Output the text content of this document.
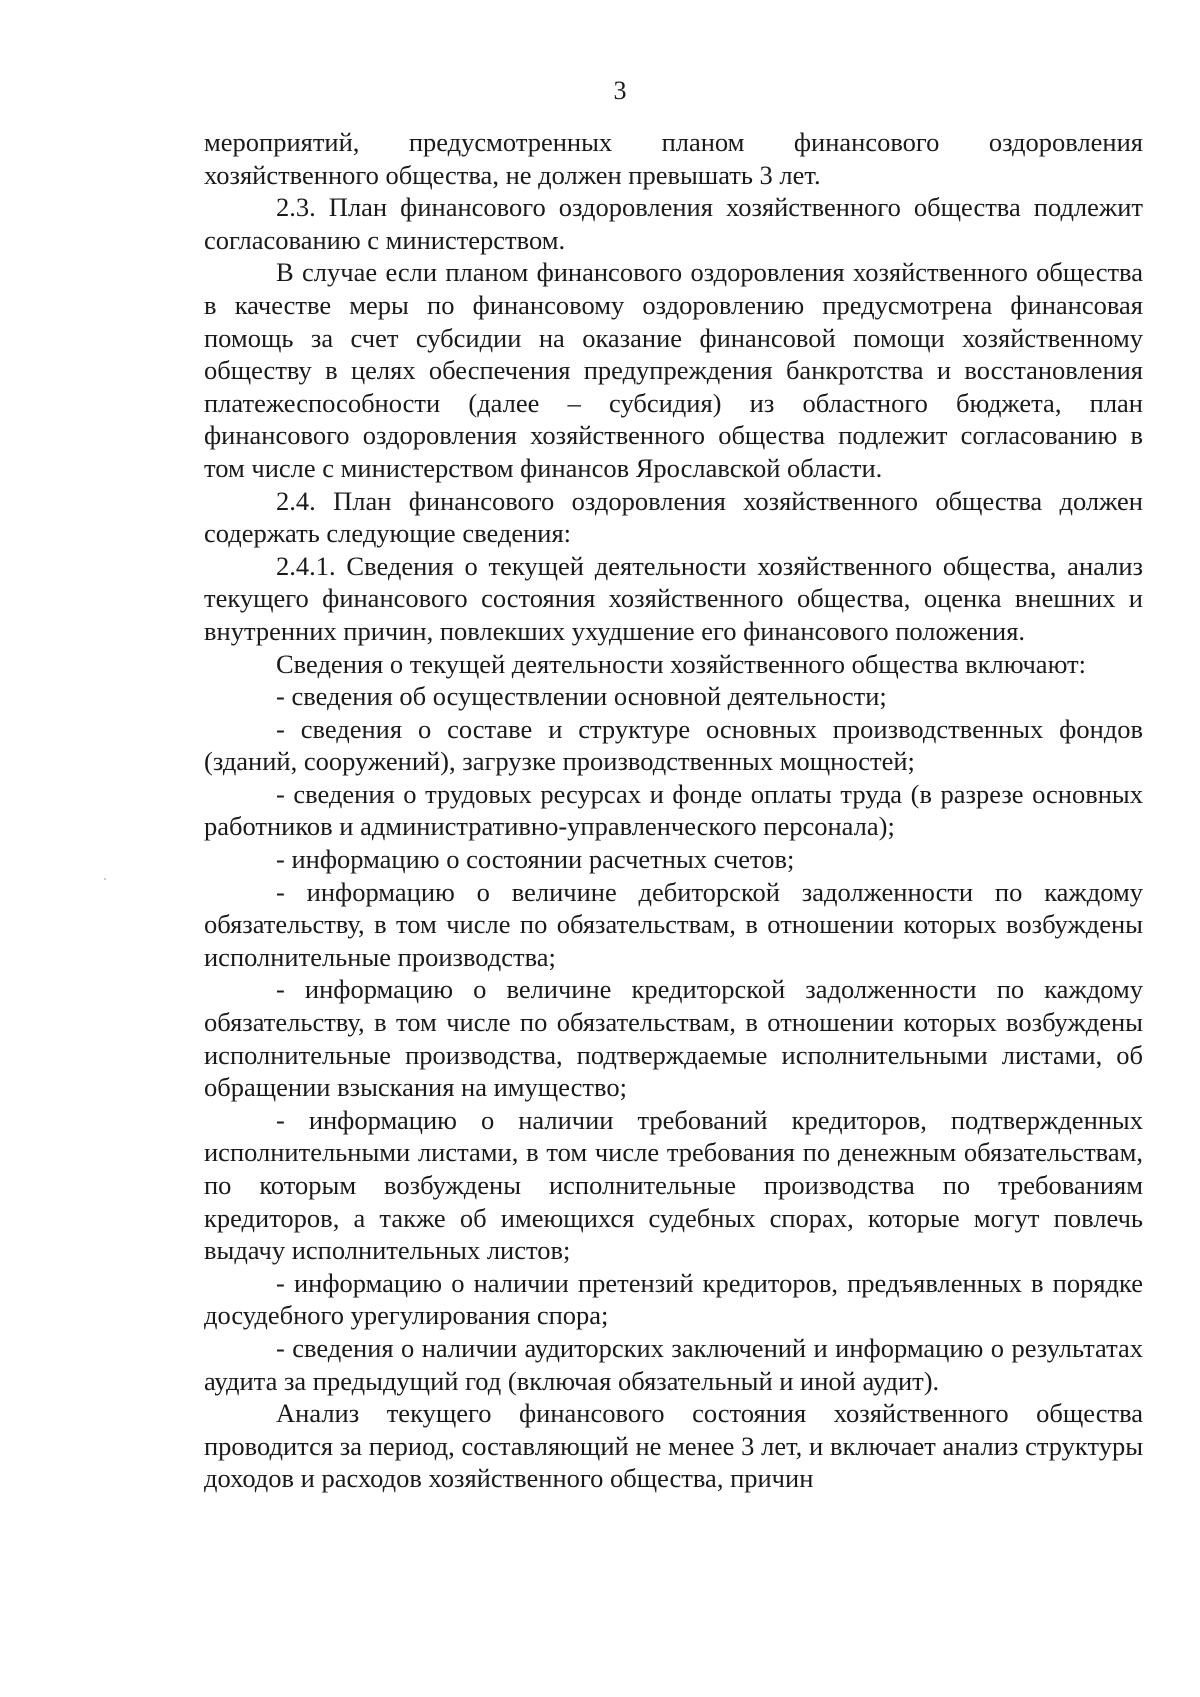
3

мероприятий, предусмотренных планом финансового оздоровления хозяйственного общества, не должен превышать 3 лет.

2.3. План финансового оздоровления хозяйственного общества подлежит согласованию с министерством.

В случае если планом финансового оздоровления хозяйственного общества в качестве меры по финансовому оздоровлению предусмотрена финансовая помощь за счет субсидии на оказание финансовой помощи хозяйственному обществу в целях обеспечения предупреждения банкротства и восстановления платежеспособности (далее – субсидия) из областного бюджета, план финансового оздоровления хозяйственного общества подлежит согласованию в том числе с министерством финансов Ярославской области.

2.4. План финансового оздоровления хозяйственного общества должен содержать следующие сведения:

2.4.1. Сведения о текущей деятельности хозяйственного общества, анализ текущего финансового состояния хозяйственного общества, оценка внешних и внутренних причин, повлекших ухудшение его финансового положения.

Сведения о текущей деятельности хозяйственного общества включают:

- сведения об осуществлении основной деятельности;

- сведения о составе и структуре основных производственных фондов (зданий, сооружений), загрузке производственных мощностей;

- сведения о трудовых ресурсах и фонде оплаты труда (в разрезе основных работников и административно-управленческого персонала);

- информацию о состоянии расчетных счетов;

- информацию о величине дебиторской задолженности по каждому обязательству, в том числе по обязательствам, в отношении которых возбуждены исполнительные производства;

- информацию о величине кредиторской задолженности по каждому обязательству, в том числе по обязательствам, в отношении которых возбуждены исполнительные производства, подтверждаемые исполнительными листами, об обращении взыскания на имущество;

- информацию о наличии требований кредиторов, подтвержденных исполнительными листами, в том числе требования по денежным обязательствам, по которым возбуждены исполнительные производства по требованиям кредиторов, а также об имеющихся судебных спорах, которые могут повлечь выдачу исполнительных листов;

- информацию о наличии претензий кредиторов, предъявленных в порядке досудебного урегулирования спора;

- сведения о наличии аудиторских заключений и информацию о результатах аудита за предыдущий год (включая обязательный и иной аудит).

Анализ текущего финансового состояния хозяйственного общества проводится за период, составляющий не менее 3 лет, и включает анализ структуры доходов и расходов хозяйственного общества, причин
